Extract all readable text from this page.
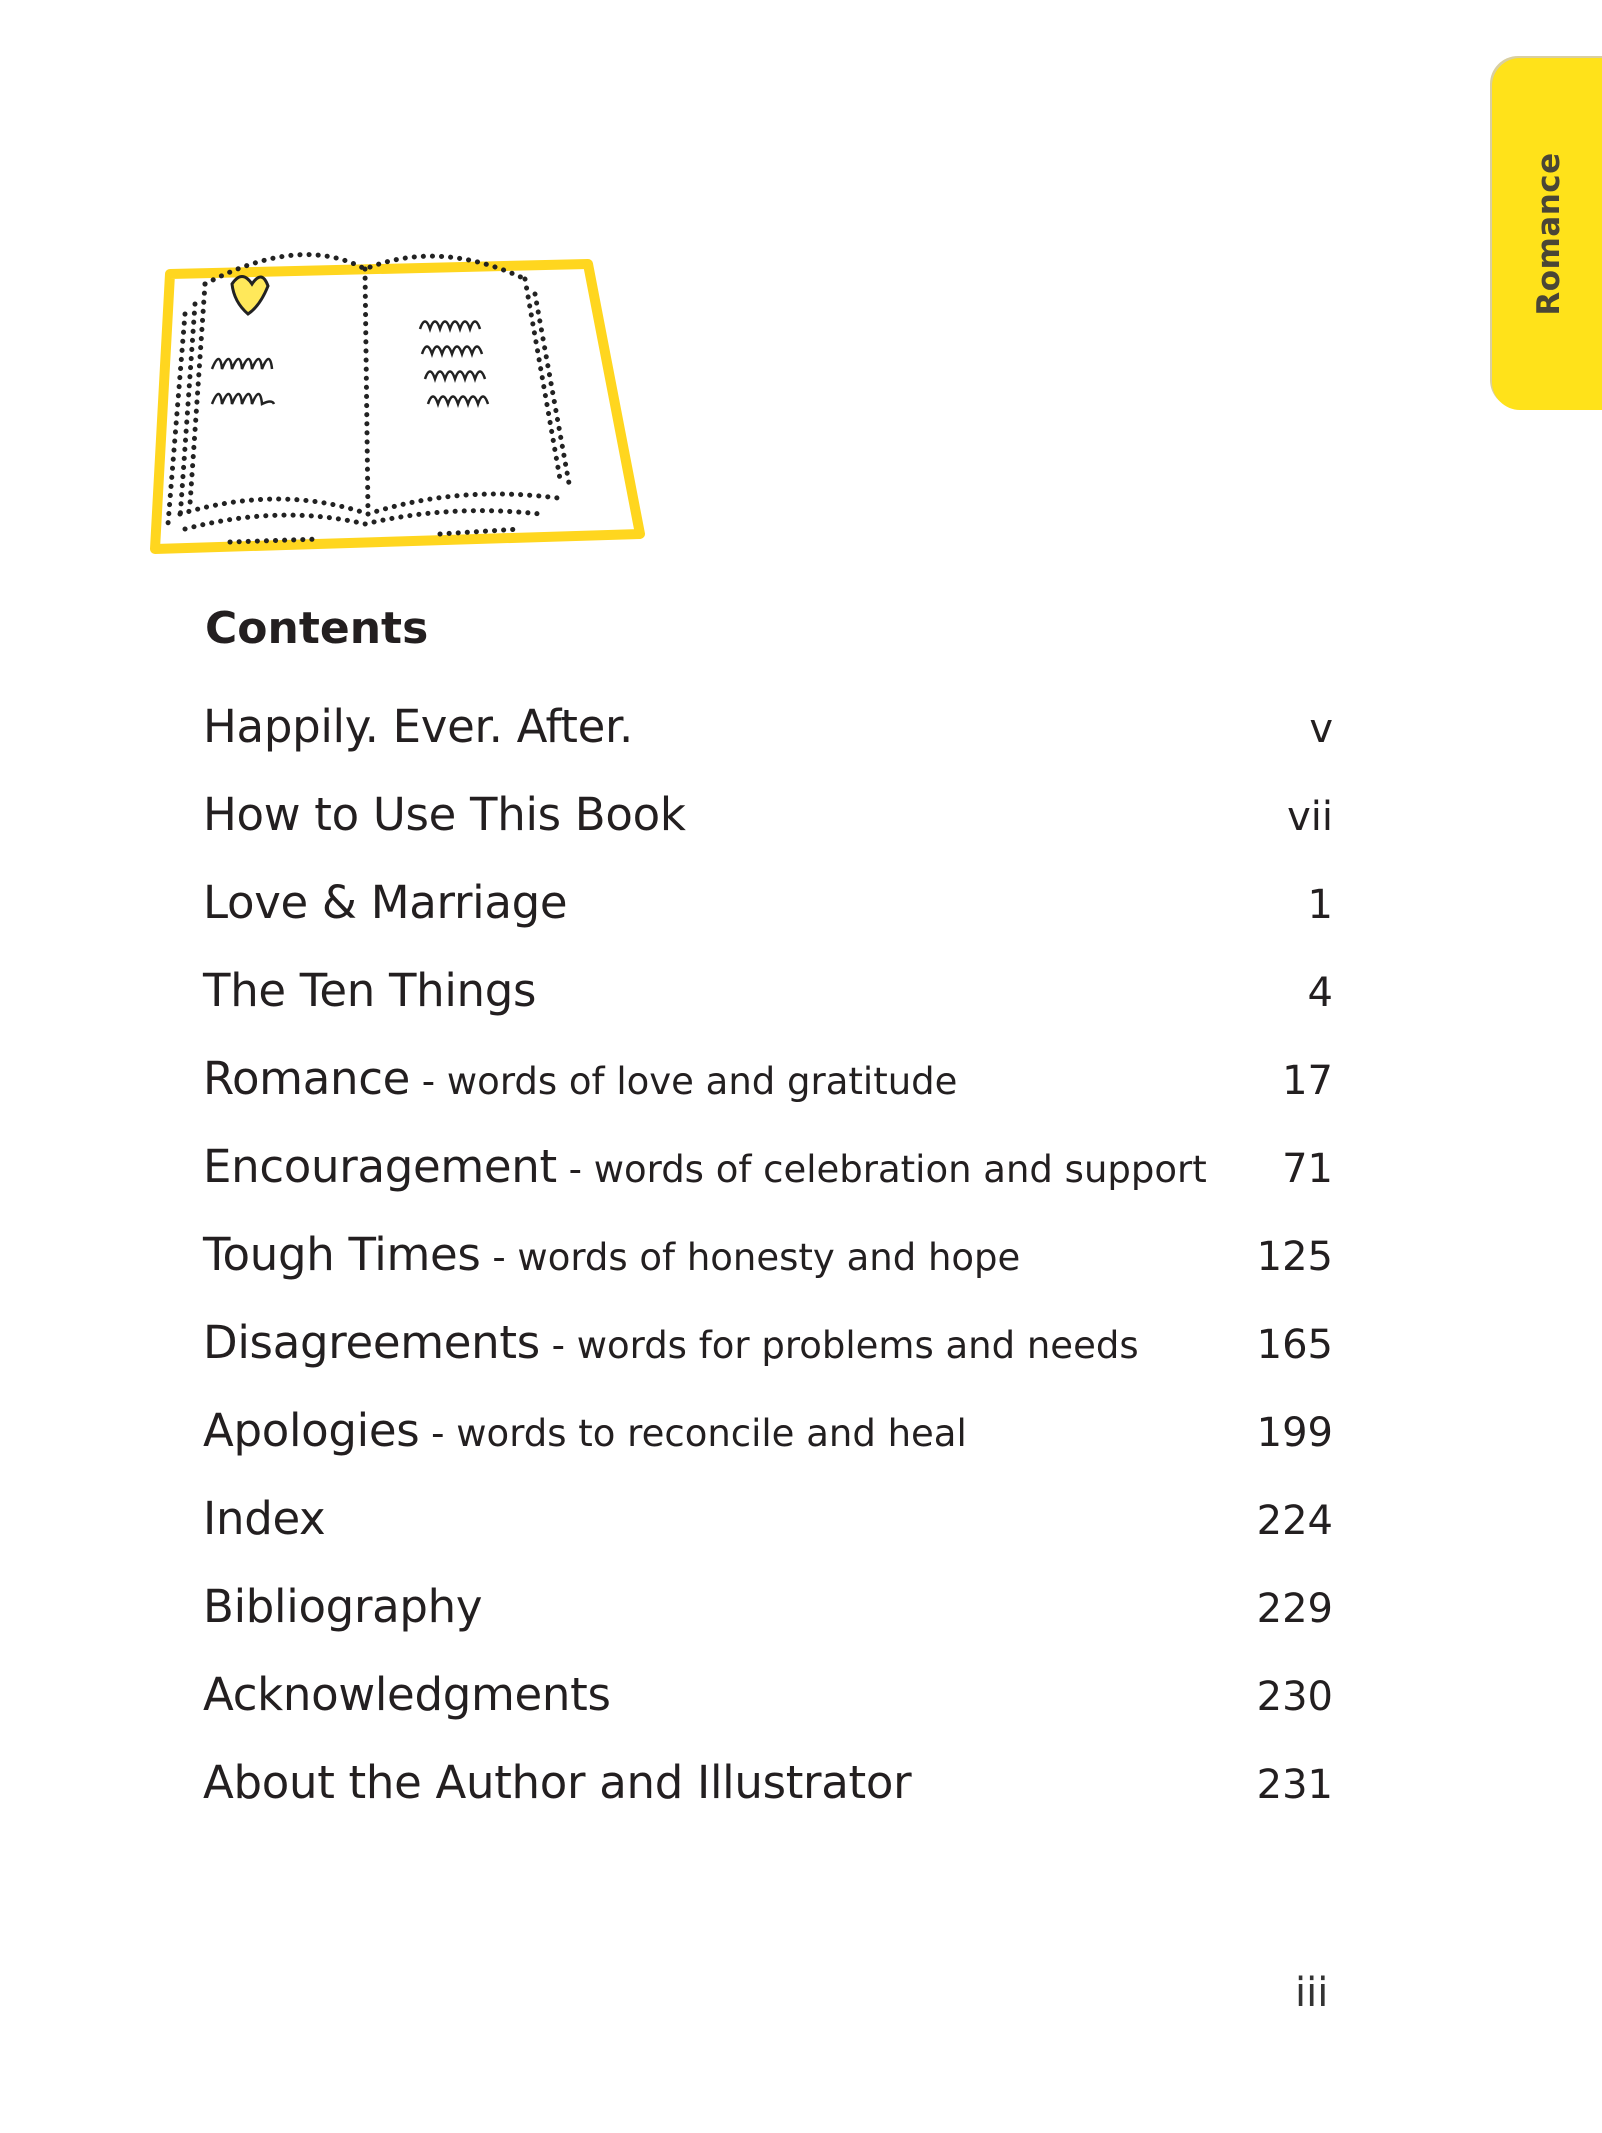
Romance
Contents
Happily. Ever. After.	v
How to Use This Book	vii
Love & Marriage	1
The Ten Things	4
Romance - words of love and gratitude	17
Encouragement - words of celebration and support 71
Tough Times - words of honesty and hope	125
Disagreements - words for problems and needs	165
Apologies - words to reconcile and heal	199
Index	224
Bibliography	229
Acknowledgments	230
About the Author and Illustrator	231
iii
